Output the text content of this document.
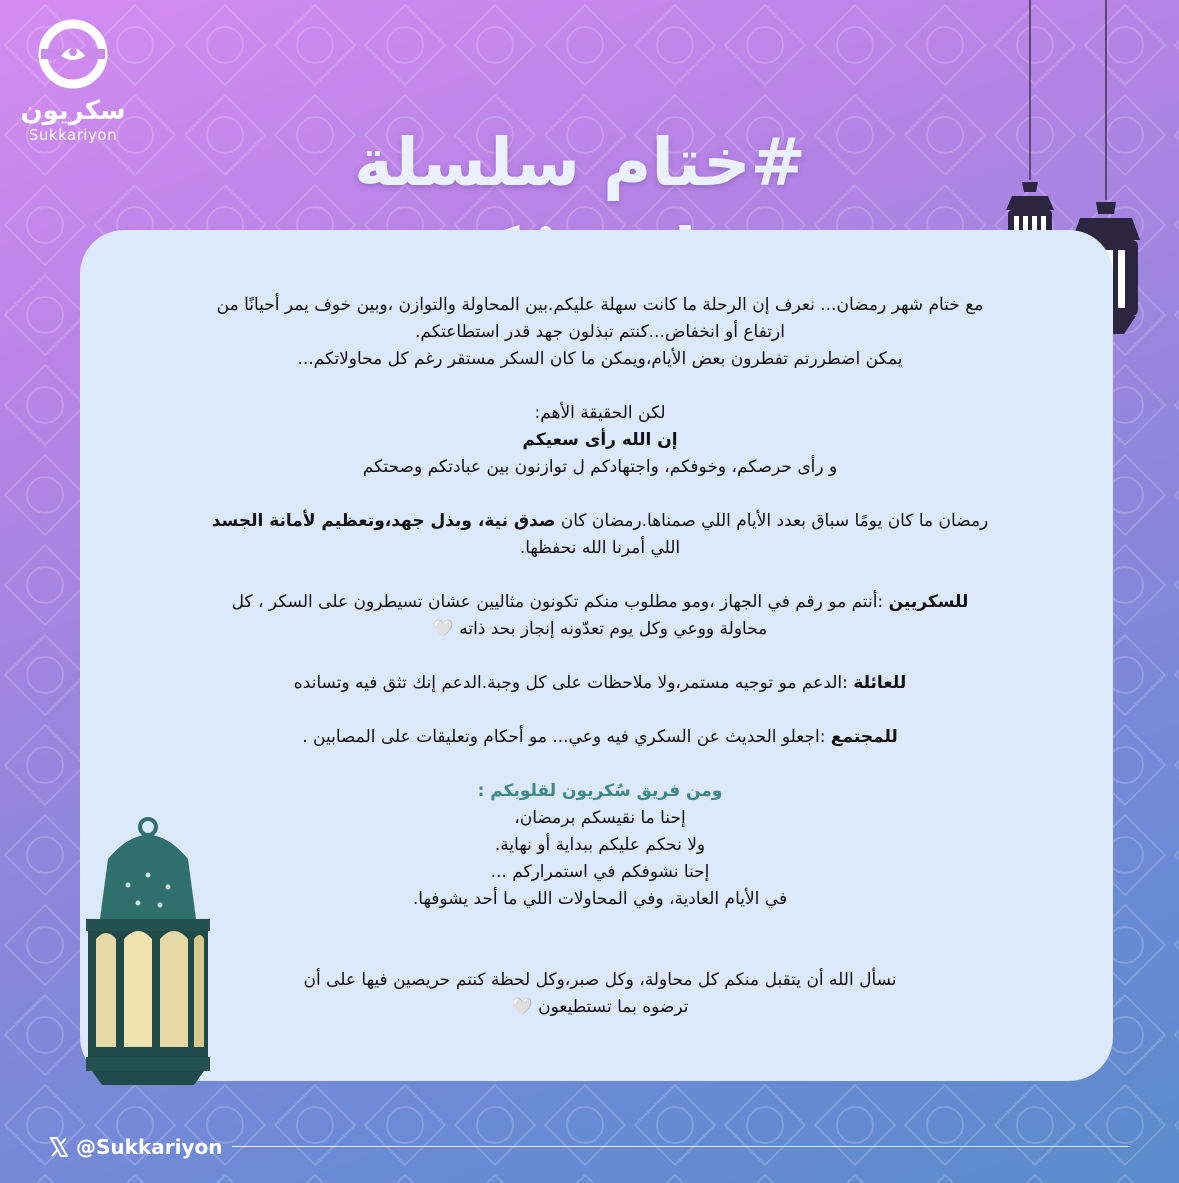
سكريون
Sukkariyon	#ختام سلسلة

مع ختام شهر رمضان... نعرف إن الرحلة ما كانت سهلة عليكم.بين المحاولة والتوازن ،وبين خوف يمر أحيانًا من

ارتفاع أو انخفاض...كنتم تبذلون جهد قدر استطاعتكم.

يمكن اضطررتم تفطرون بعض الأيام،ويمكن ما كان السكر مستقر رغم كل محاولاتكم...

لكن الحقيقة الأهم:

إن الله رأى سعيكم

و رأى حرصكم، وخوفكم، واجتهادكم ل توازنون بين عبادتكم وصحتكم

رمضان ما كان يومًا سباق بعدد الأيام اللي صمناها.رمضان كان صدق نية، وبذل جهد،وتعظيم لأمانة الجسد

اللي أمرنا الله نحفظها.

للسكريين :أنتم مو رقم في الجهاز ،ومو مطلوب منكم تكونون مثاليين عشان تسيطرون على السكر ، كل

محاولة ووعي وكل يوم تعدّونه إنجاز بحد ذاته 🤍

للعائلة :الدعم مو توجيه مستمر،ولا ملاحظات على كل وجبة.الدعم إنك تثق فيه وتسانده

للمجتمع :اجعلو الحديث عن السكري فيه وعي... مو أحكام وتعليقات على المصابين .

ومن فريق سُكريون لقلوبكم :

إحنا ما نقيسكم برمضان،

ولا نحكم عليكم ببداية أو نهاية.

إحنا نشوفكم في استمراركم ...

في الأيام العادية، وفي المحاولات اللي ما أحد يشوفها.

نسأل الله أن يتقبل منكم كل محاولة، وكل صبر،وكل لحظة كنتم حريصين فيها على أن

ترضوه بما تستطيعون 🤍

@Sukkariyon
